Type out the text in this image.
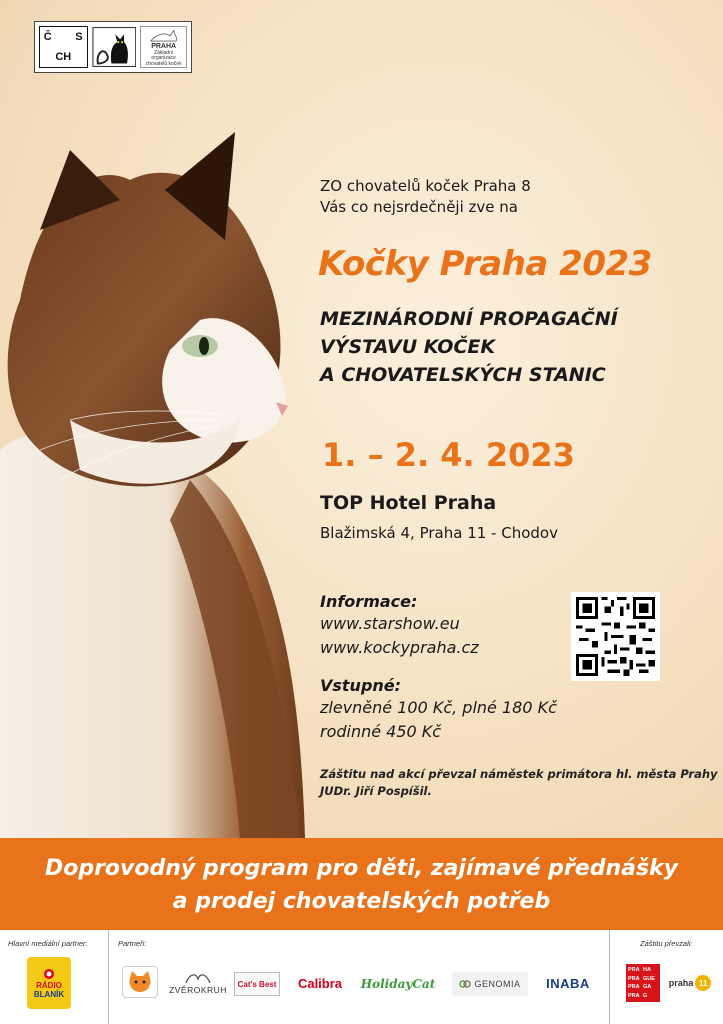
Č	S
CH
PRAHA
Základní organizace chovatelů koček
ZO chovatelů koček Praha 8
Vás co nejsrdečněji zve na
Kočky Praha 2023
MEZINÁRODNÍ PROPAGAČNÍ
VÝSTAVU KOČEK
A CHOVATELSKÝCH STANIC
1. – 2. 4. 2023
TOP Hotel Praha
Blažimská 4, Praha 11 - Chodov
Informace:
www.starshow.eu
www.kockypraha.cz
Vstupné:
zlevněné 100 Kč, plné 180 Kč
rodinné 450 Kč
Záštitu nad akcí převzal náměstek primátora hl. města Prahy
JUDr. Jiří Pospíšil.
Doprovodný program pro děti, zajímavé přednášky
a prodej chovatelských potřeb
Hlavní mediální partner:	Partneři:	Záštitu převzali:
RÁDIO
BLANÍK	ZVĚROKRUH
Cat's Best Calibra HolidayCat	GENOMIA INABA
PRA HA
PRA GUE
PRA GA
PRA G
praha 11
